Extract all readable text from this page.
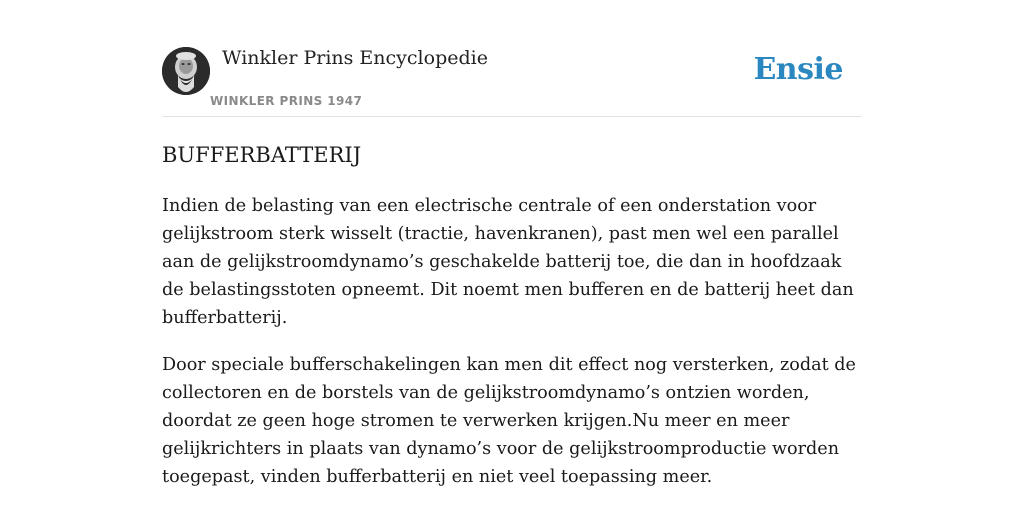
Winkler Prins Encyclopedie
WINKLER PRINS 1947
Ensie
BUFFERBATTERIJ

Indien de belasting van een electrische centrale of een onderstation voor gelijkstroom sterk wisselt (tractie, havenkranen), past men wel een parallel aan de gelijkstroomdynamo’s geschakelde batterij toe, die dan in hoofdzaak de belastingsstoten opneemt. Dit noemt men bufferen en de batterij heet dan bufferbatterij.

Door speciale bufferschakelingen kan men dit effect nog versterken, zodat de collectoren en de borstels van de gelijkstroomdynamo’s ontzien worden, doordat ze geen hoge stromen te verwerken krijgen.Nu meer en meer gelijkrichters in plaats van dynamo’s voor de gelijkstroomproductie worden toegepast, vinden bufferbatterij en niet veel toepassing meer.
